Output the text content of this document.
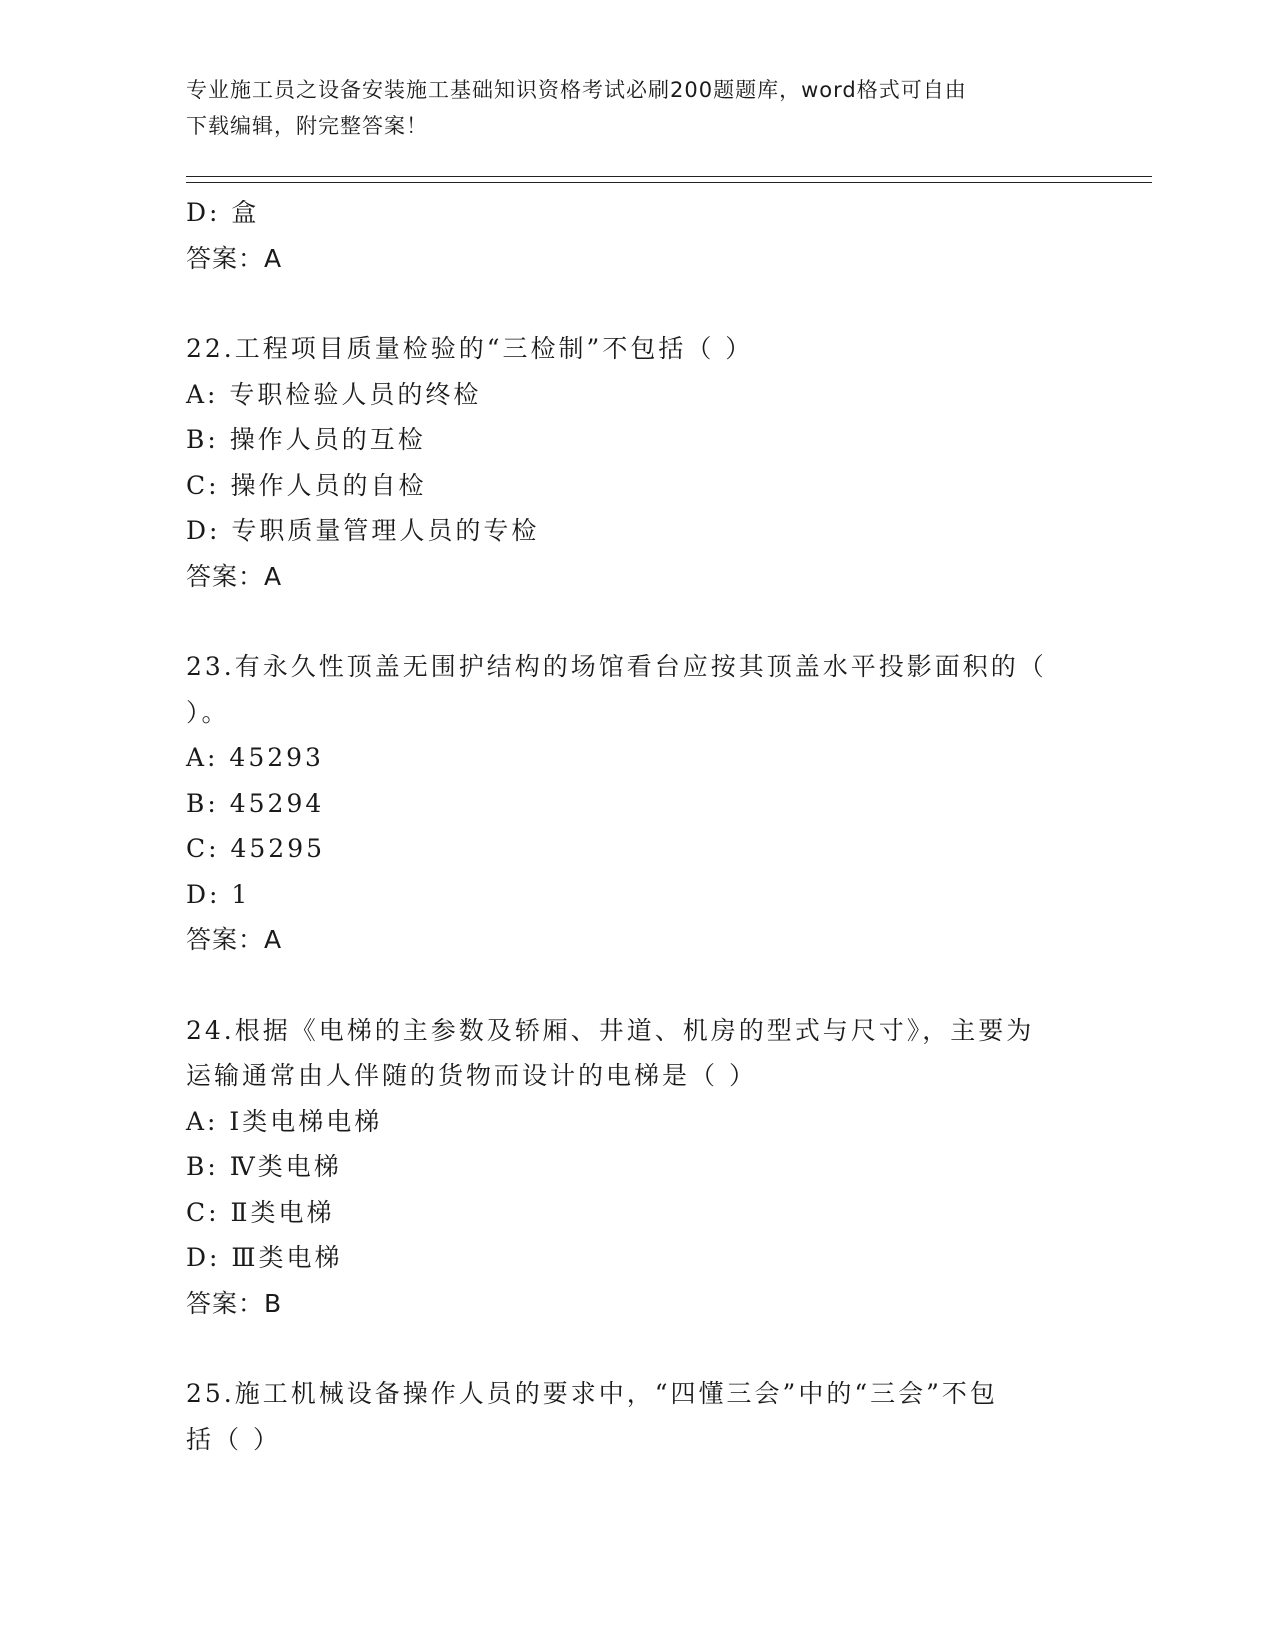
专业施工员之设备安装施工基础知识资格考试必刷200题题库，word格式可自由
下载编辑，附完整答案！
D: 盒
答案：A
22.工程项目质量检验的“三检制”不包括（ ）
A: 专职检验人员的终检
B: 操作人员的互检
C: 操作人员的自检
D: 专职质量管理人员的专检
答案：A
23.有永久性顶盖无围护结构的场馆看台应按其顶盖水平投影面积的（
）。
A: 45293
B: 45294
C: 45295
D: 1
答案：A
24.根据《电梯的主参数及轿厢、井道、机房的型式与尺寸》，主要为
运输通常由人伴随的货物而设计的电梯是（ ）
A: Ⅰ类电梯电梯
B: Ⅳ类电梯
C: Ⅱ类电梯
D: Ⅲ类电梯
答案：B
25.施工机械设备操作人员的要求中，“四懂三会”中的“三会”不包
括（ ）
